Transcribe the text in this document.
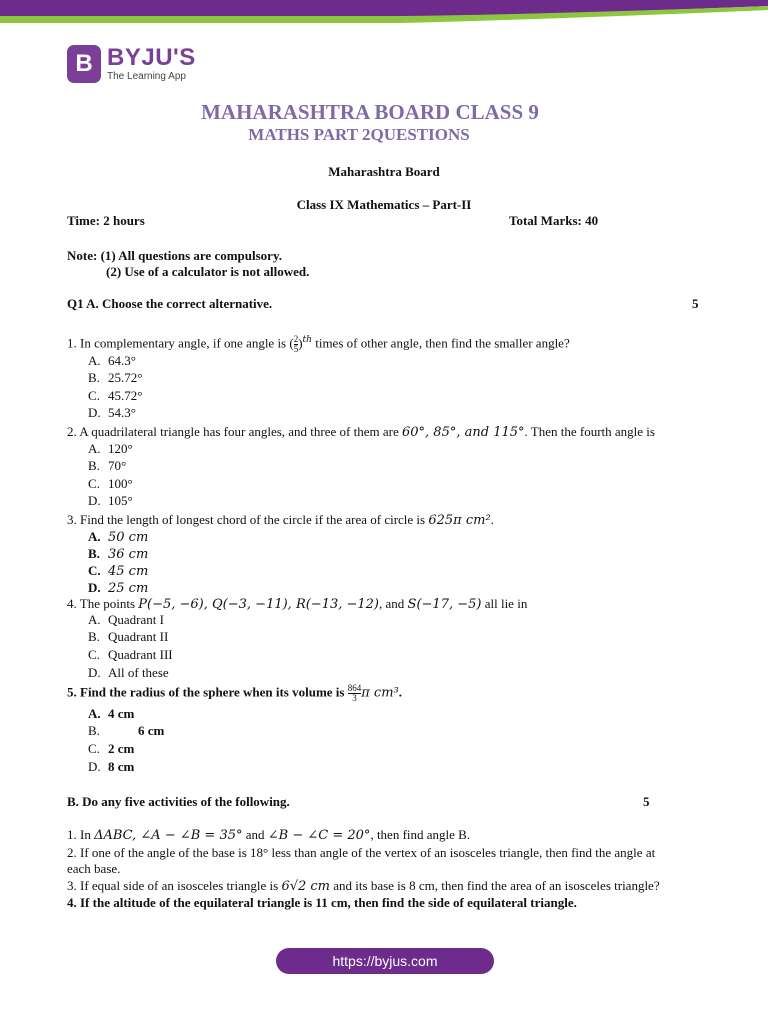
B BYJU'S
The Learning App
MAHARASHTRA BOARD CLASS 9
MATHS PART 2QUESTIONS
Maharashtra Board
Class IX Mathematics – Part-II
Time: 2 hours	Total Marks: 40
Note: (1) All questions are compulsory.
(2) Use of a calculator is not allowed.
Q1 A. Choose the correct alternative.	5
1. In complementary angle, if one angle is ( $\frac{2}{5} )^{th}$ times of other angle, then find the smaller angle?
A. 64.3°
B. 25.72°
C. 45.72°
D. 54.3°
2. A quadrilateral triangle has four angles, and three of them are 60°, 85°, and 115°. Then the fourth angle is
A. 120°
B. 70°
C. 100°
D. 105°
3. Find the length of longest chord of the circle if the area of circle is 625π cm².
A. 50 cm
B. 36 cm
C. 45 cm
D. 25 cm
4. The points P(−5, −6), Q(−3, −11), R(−13, −12), and S(−17, −5) all lie in
A. Quadrant I
B. Quadrant II
C. Quadrant III
D. All of these
5. Find the radius of the sphere when its volume is $\frac{864}{3}$ π cm³.
A. 4 cm
B.	6 cm
C. 2 cm
D. 8 cm
B. Do any five activities of the following.	5
1. In ΔABC, ∠A − ∠B = 35° and ∠B − ∠C = 20°, then find angle B.
2. If one of the angle of the base is 18° less than angle of the vertex of an isosceles triangle, then find the angle at
each base.
3. If equal side of an isosceles triangle is 6√2 cm and its base is 8 cm, then find the area of an isosceles triangle?
4. If the altitude of the equilateral triangle is 11 cm, then find the side of equilateral triangle.
https://byjus.com
